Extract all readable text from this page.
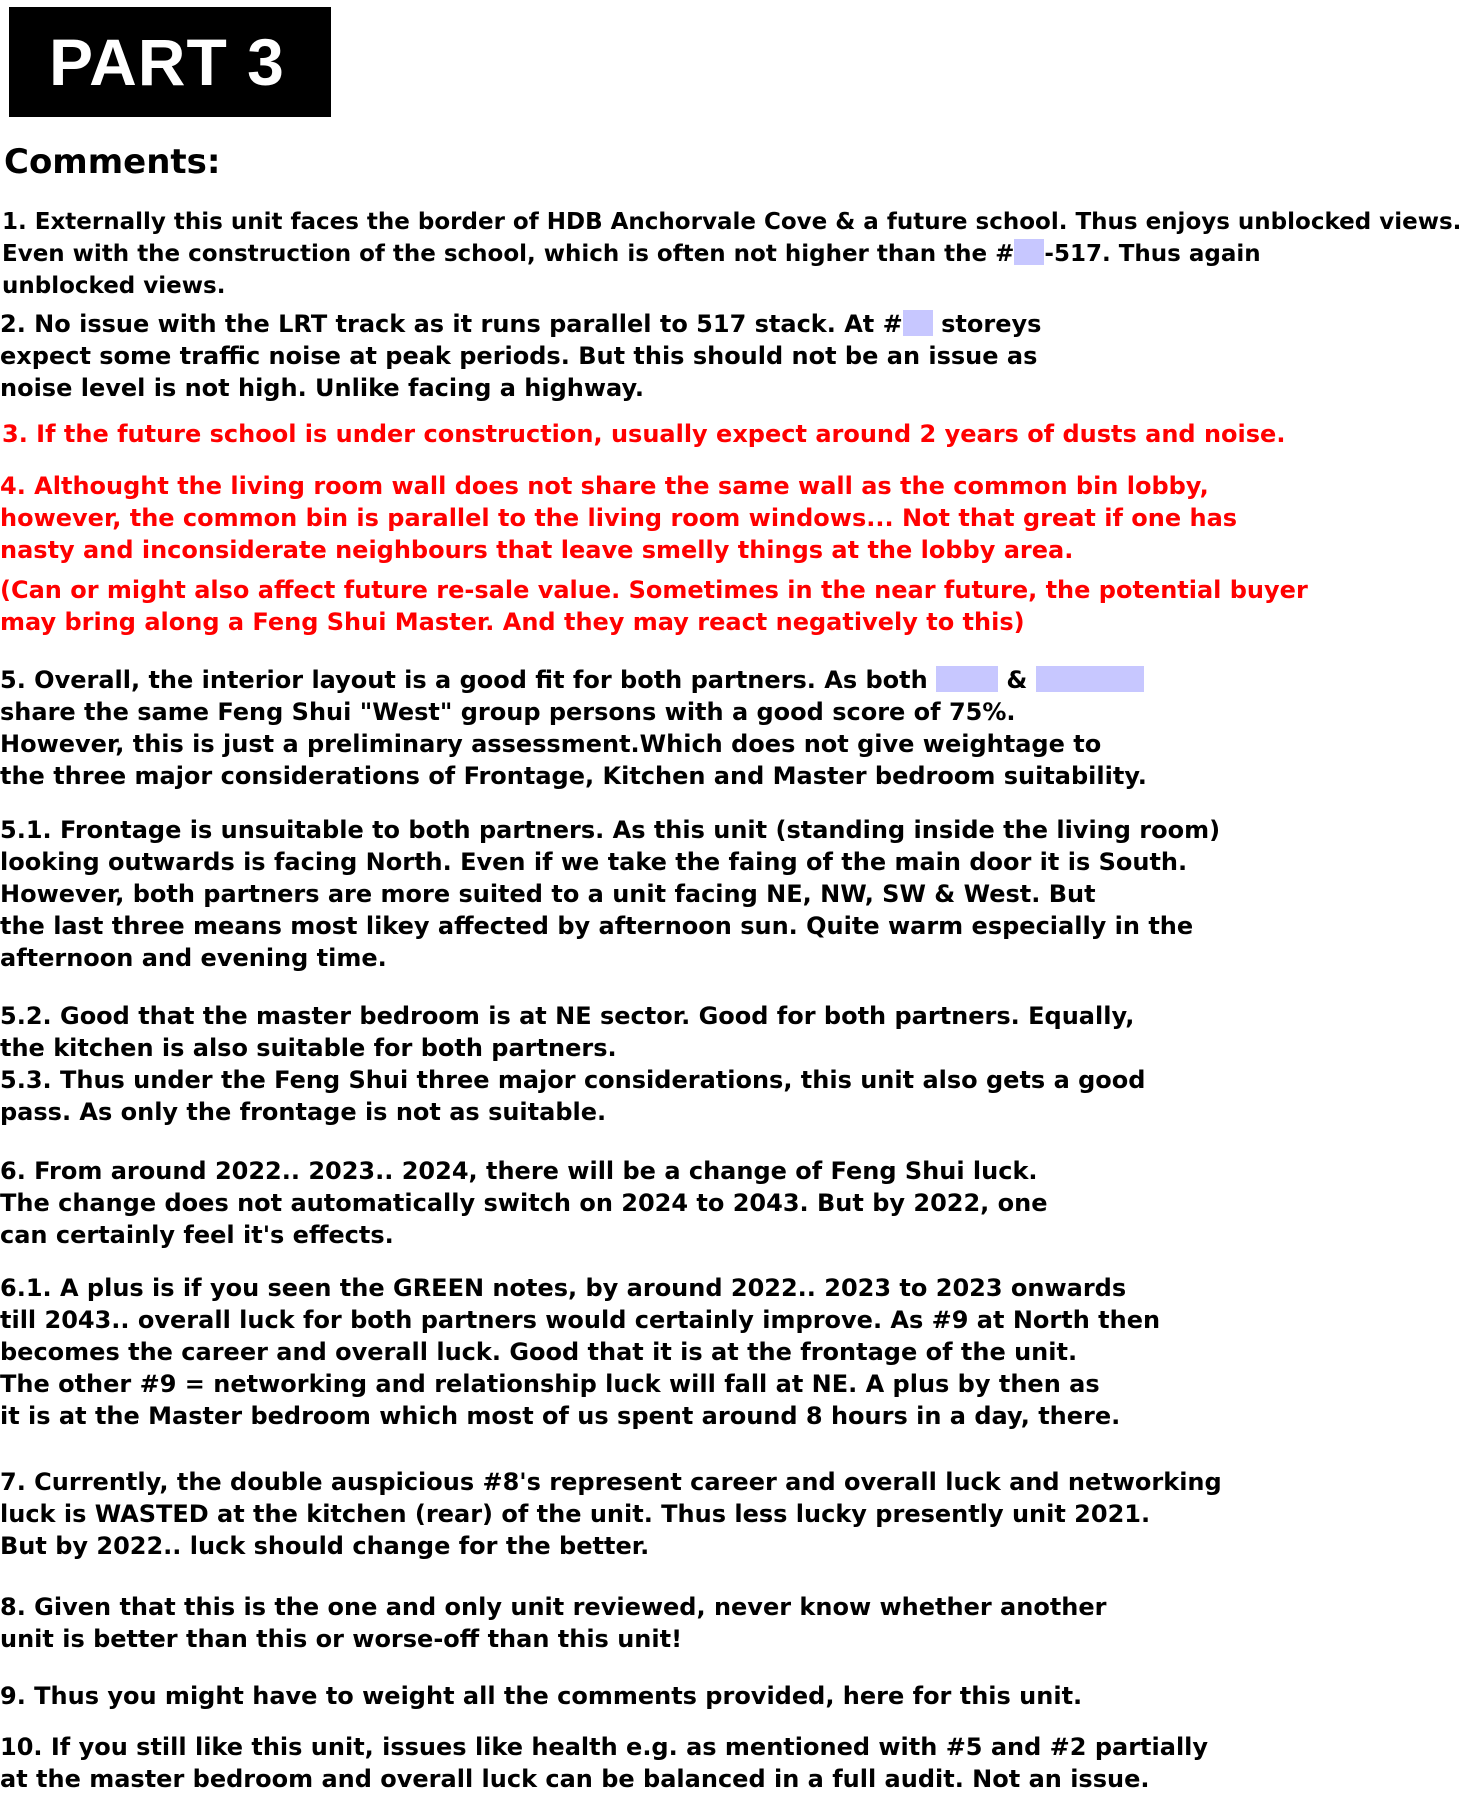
PART 3
Comments:
1. Externally this unit faces the border of HDB Anchorvale Cove & a future school. Thus enjoys unblocked views.
Even with the construction of the school, which is often not higher than the # -517. Thus again
unblocked views.
2. No issue with the LRT track as it runs parallel to 517 stack. At # storeys
expect some traffic noise at peak periods. But this should not be an issue as
noise level is not high. Unlike facing a highway.
3. If the future school is under construction, usually expect around 2 years of dusts and noise.
4. Althought the living room wall does not share the same wall as the common bin lobby,
however, the common bin is parallel to the living room windows... Not that great if one has
nasty and inconsiderate neighbours that leave smelly things at the lobby area.
(Can or might also affect future re-sale value. Sometimes in the near future, the potential buyer
may bring along a Feng Shui Master. And they may react negatively to this)
5. Overall, the interior layout is a good fit for both partners. As both	&
share the same Feng Shui "West" group persons with a good score of 75%.
However, this is just a preliminary assessment.Which does not give weightage to
the three major considerations of Frontage, Kitchen and Master bedroom suitability.
5.1. Frontage is unsuitable to both partners. As this unit (standing inside the living room)
looking outwards is facing North. Even if we take the faing of the main door it is South.
However, both partners are more suited to a unit facing NE, NW, SW & West. But
the last three means most likey affected by afternoon sun. Quite warm especially in the
afternoon and evening time.
5.2. Good that the master bedroom is at NE sector. Good for both partners. Equally,
the kitchen is also suitable for both partners.
5.3. Thus under the Feng Shui three major considerations, this unit also gets a good
pass. As only the frontage is not as suitable.
6. From around 2022.. 2023.. 2024, there will be a change of Feng Shui luck.
The change does not automatically switch on 2024 to 2043. But by 2022, one
can certainly feel it's effects.
6.1. A plus is if you seen the GREEN notes, by around 2022.. 2023 to 2023 onwards
till 2043.. overall luck for both partners would certainly improve. As #9 at North then
becomes the career and overall luck. Good that it is at the frontage of the unit.
The other #9 = networking and relationship luck will fall at NE. A plus by then as
it is at the Master bedroom which most of us spent around 8 hours in a day, there.
7. Currently, the double auspicious #8's represent career and overall luck and networking
luck is WASTED at the kitchen (rear) of the unit. Thus less lucky presently unit 2021.
But by 2022.. luck should change for the better.
8. Given that this is the one and only unit reviewed, never know whether another
unit is better than this or worse-off than this unit!
9. Thus you might have to weight all the comments provided, here for this unit.
10. If you still like this unit, issues like health e.g. as mentioned with #5 and #2 partially
at the master bedroom and overall luck can be balanced in a full audit. Not an issue.
